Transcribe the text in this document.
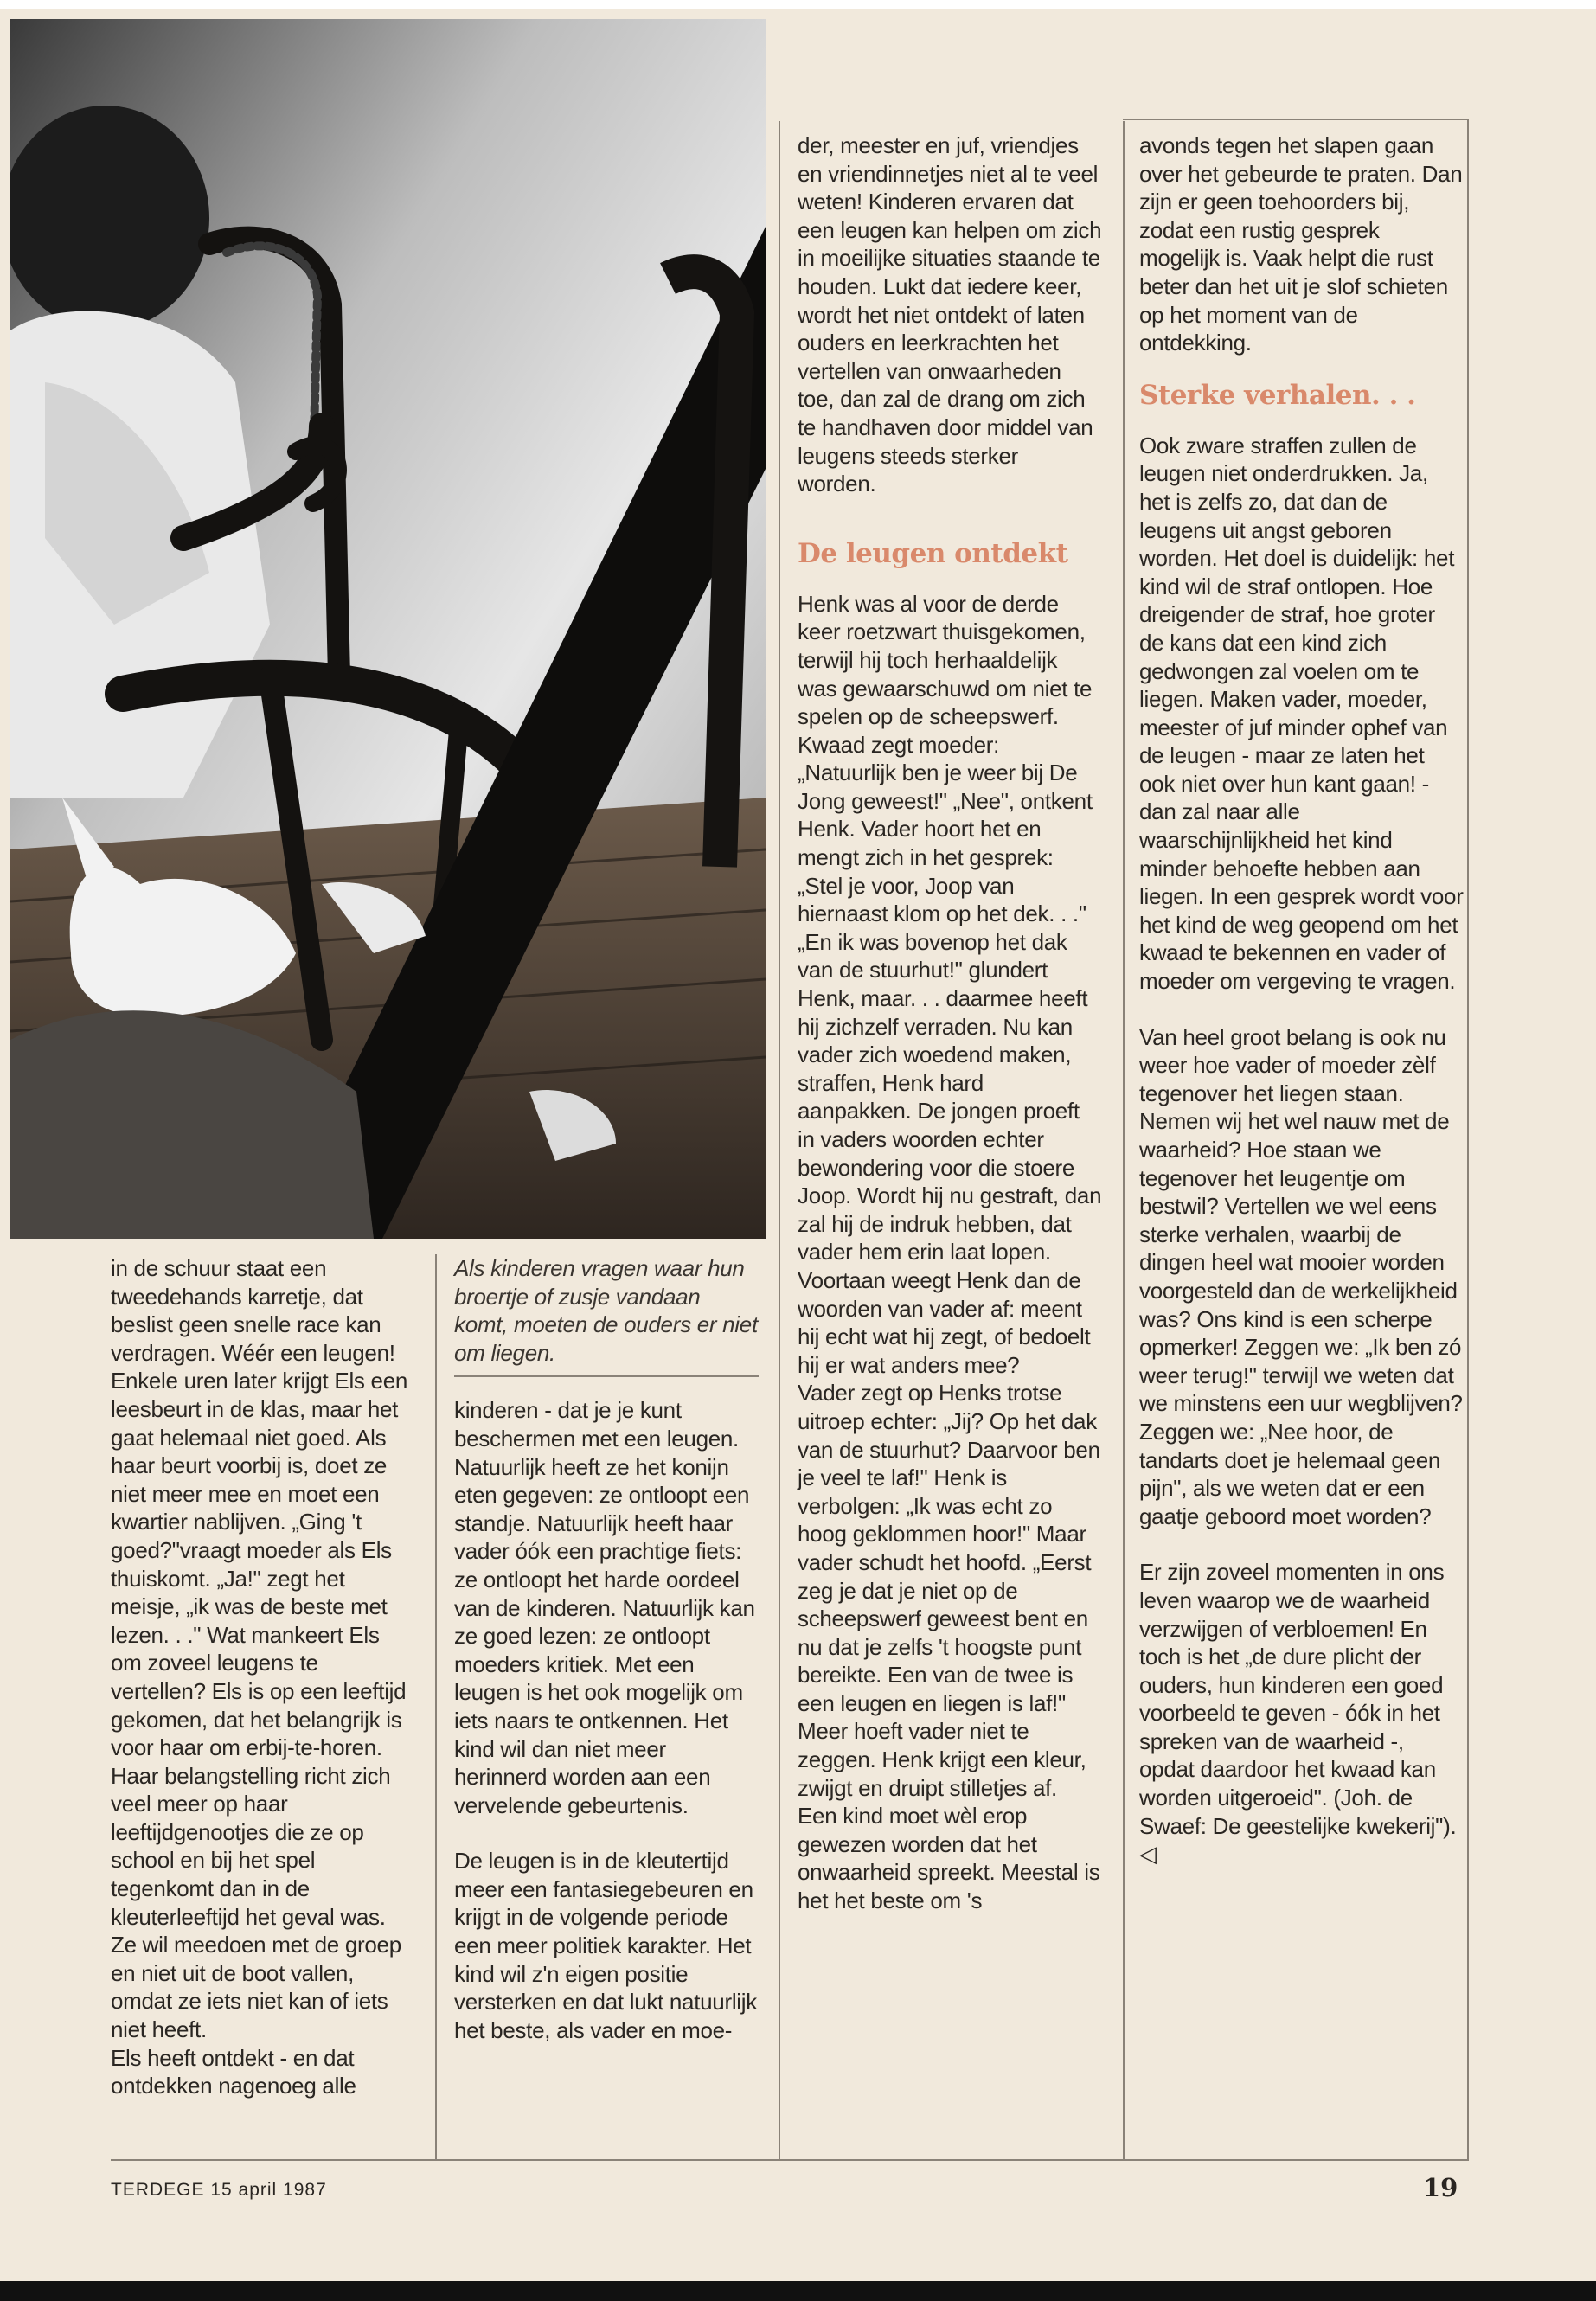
in de schuur staat een tweedehands karretje, dat beslist geen snelle race kan verdragen. Wéér een leugen! Enkele uren later krijgt Els een leesbeurt in de klas, maar het gaat helemaal niet goed. Als haar beurt voorbij is, doet ze niet meer mee en moet een kwartier nablijven. „Ging 't goed?"vraagt moeder als Els thuiskomt. „Ja!" zegt het meisje, „ik was de beste met lezen. . ." Wat mankeert Els om zoveel leugens te vertellen? Els is op een leeftijd gekomen, dat het belangrijk is voor haar om erbij-te-horen. Haar belangstelling richt zich veel meer op haar leeftijdgenootjes die ze op school en bij het spel tegenkomt dan in de kleuterleeftijd het geval was. Ze wil meedoen met de groep en niet uit de boot vallen, omdat ze iets niet kan of iets niet heeft.

Els heeft ontdekt - en dat ontdekken nagenoeg alle

Als kinderen vragen waar hun broertje of zusje vandaan komt, moeten de ouders er niet om liegen.

kinderen - dat je je kunt beschermen met een leugen. Natuurlijk heeft ze het konijn eten gegeven: ze ontloopt een standje. Natuurlijk heeft haar vader óók een prachtige fiets: ze ontloopt het harde oordeel van de kinderen. Natuurlijk kan ze goed lezen: ze ontloopt moeders kritiek. Met een leugen is het ook mogelijk om iets naars te ontkennen. Het kind wil dan niet meer herinnerd worden aan een vervelende gebeurtenis.

De leugen is in de kleutertijd meer een fantasiegebeuren en krijgt in de volgende periode een meer politiek karakter. Het kind wil z'n eigen positie versterken en dat lukt natuurlijk het beste, als vader en moe-

der, meester en juf, vriendjes en vriendinnetjes niet al te veel weten! Kinderen ervaren dat een leugen kan helpen om zich in moeilijke situaties staande te houden. Lukt dat iedere keer, wordt het niet ontdekt of laten ouders en leerkrachten het vertellen van onwaarheden toe, dan zal de drang om zich te handhaven door middel van leugens steeds sterker worden.

De leugen ontdekt

Henk was al voor de derde keer roetzwart thuisgekomen, terwijl hij toch herhaaldelijk was gewaarschuwd om niet te spelen op de scheepswerf. Kwaad zegt moeder: „Natuurlijk ben je weer bij De Jong geweest!" „Nee", ontkent Henk. Vader hoort het en mengt zich in het gesprek: „Stel je voor, Joop van hiernaast klom op het dek. . ."

„En ik was bovenop het dak van de stuurhut!" glundert Henk, maar. . . daarmee heeft hij zichzelf verraden. Nu kan vader zich woedend maken, straffen, Henk hard aanpakken. De jongen proeft in vaders woorden echter bewondering voor die stoere Joop. Wordt hij nu gestraft, dan zal hij de indruk hebben, dat vader hem erin laat lopen. Voortaan weegt Henk dan de woorden van vader af: meent hij echt wat hij zegt, of bedoelt hij er wat anders mee?

Vader zegt op Henks trotse uitroep echter: „Jij? Op het dak van de stuurhut? Daarvoor ben je veel te laf!" Henk is verbolgen: „Ik was echt zo hoog geklommen hoor!" Maar vader schudt het hoofd. „Eerst zeg je dat je niet op de scheepswerf geweest bent en nu dat je zelfs 't hoogste punt bereikte. Een van de twee is een leugen en liegen is laf!" Meer hoeft vader niet te zeggen. Henk krijgt een kleur, zwijgt en druipt stilletjes af.

Een kind moet wèl erop gewezen worden dat het onwaarheid spreekt. Meestal is het het beste om 's

avonds tegen het slapen gaan over het gebeurde te praten. Dan zijn er geen toehoorders bij, zodat een rustig gesprek mogelijk is. Vaak helpt die rust beter dan het uit je slof schieten op het moment van de ontdekking.

Sterke verhalen. . .

Ook zware straffen zullen de leugen niet onderdrukken. Ja, het is zelfs zo, dat dan de leugens uit angst geboren worden. Het doel is duidelijk: het kind wil de straf ontlopen. Hoe dreigender de straf, hoe groter de kans dat een kind zich gedwongen zal voelen om te liegen. Maken vader, moeder, meester of juf minder ophef van de leugen - maar ze laten het ook niet over hun kant gaan! - dan zal naar alle waarschijnlijkheid het kind minder behoefte hebben aan liegen. In een gesprek wordt voor het kind de weg geopend om het kwaad te bekennen en vader of moeder om vergeving te vragen.

Van heel groot belang is ook nu weer hoe vader of moeder zèlf tegenover het liegen staan. Nemen wij het wel nauw met de waarheid? Hoe staan we tegenover het leugentje om bestwil? Vertellen we wel eens sterke verhalen, waarbij de dingen heel wat mooier worden voorgesteld dan de werkelijkheid was? Ons kind is een scherpe opmerker! Zeggen we: „Ik ben zó weer terug!" terwijl we weten dat we minstens een uur wegblijven? Zeggen we: „Nee hoor, de tandarts doet je helemaal geen pijn", als we weten dat er een gaatje geboord moet worden?

Er zijn zoveel momenten in ons leven waarop we de waarheid verzwijgen of verbloemen! En toch is het „de dure plicht der ouders, hun kinderen een goed voorbeeld te geven - óók in het spreken van de waarheid -, opdat daardoor het kwaad kan worden uitgeroeid". (Joh. de Swaef: De geestelijke kwekerij"). ◁

TERDEGE 15 april 1987	19
